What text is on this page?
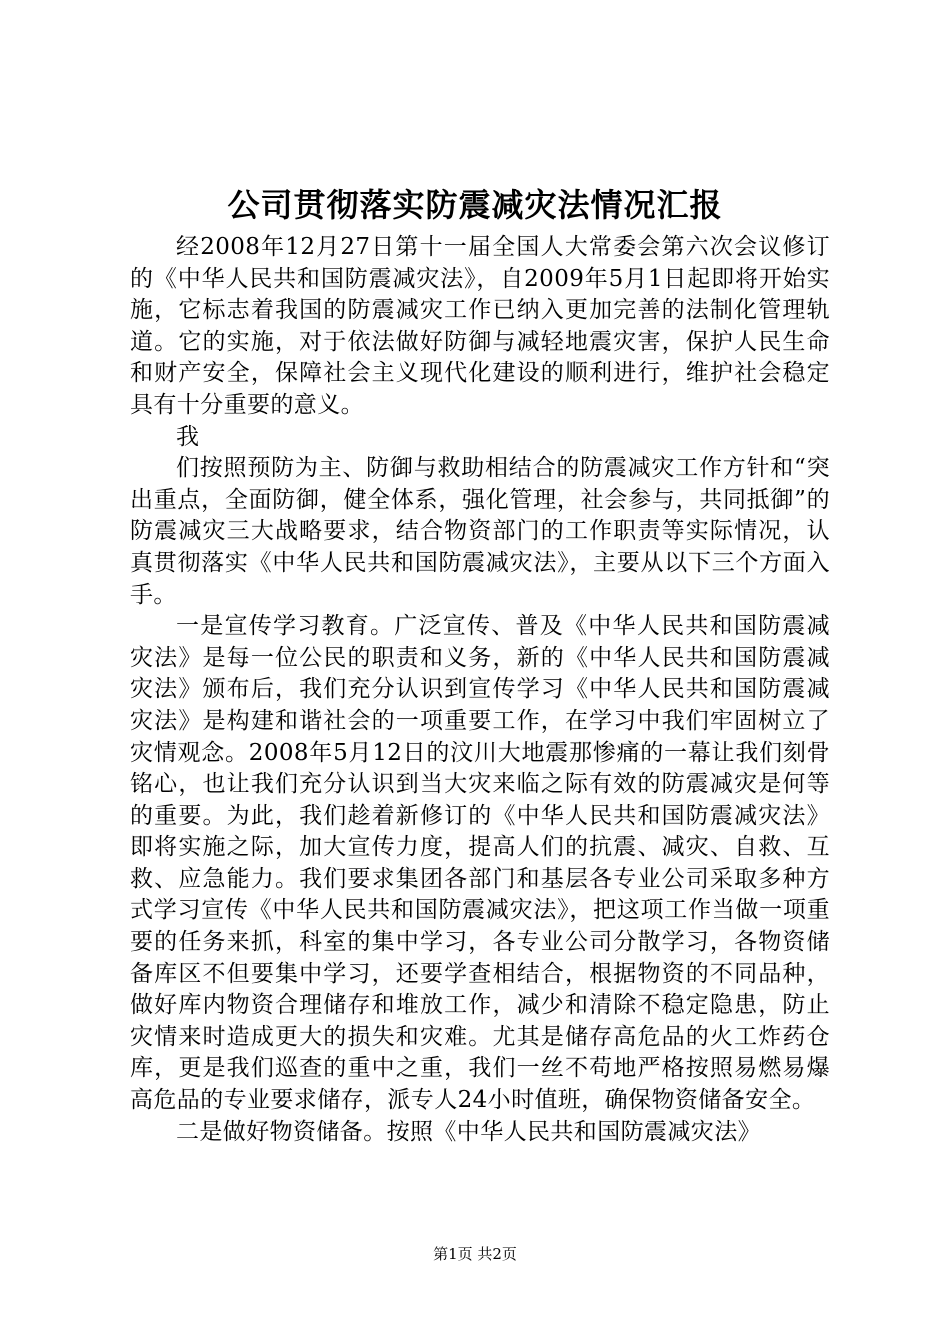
公司贯彻落实防震减灾法情况汇报

经2008年12月27日第十一届全国人大常委会第六次会议修订的《中华人民共和国防震减灾法》，自2009年5月1日起即将开始实施，它标志着我国的防震减灾工作已纳入更加完善的法制化管理轨道。它的实施，对于依法做好防御与减轻地震灾害，保护人民生命和财产安全，保障社会主义现代化建设的顺利进行，维护社会稳定具有十分重要的意义。

我

们按照预防为主、防御与救助相结合的防震减灾工作方针和“突出重点，全面防御，健全体系，强化管理，社会参与，共同抵御”的防震减灾三大战略要求，结合物资部门的工作职责等实际情况，认真贯彻落实《中华人民共和国防震减灾法》，主要从以下三个方面入手。

一是宣传学习教育。广泛宣传、普及《中华人民共和国防震减灾法》是每一位公民的职责和义务，新的《中华人民共和国防震减灾法》颁布后，我们充分认识到宣传学习《中华人民共和国防震减灾法》是构建和谐社会的一项重要工作，在学习中我们牢固树立了灾情观念。2008年5月12日的汶川大地震那惨痛的一幕让我们刻骨铭心，也让我们充分认识到当大灾来临之际有效的防震减灾是何等的重要。为此，我们趁着新修订的《中华人民共和国防震减灾法》即将实施之际，加大宣传力度，提高人们的抗震、减灾、自救、互救、应急能力。我们要求集团各部门和基层各专业公司采取多种方式学习宣传《中华人民共和国防震减灾法》，把这项工作当做一项重要的任务来抓，科室的集中学习，各专业公司分散学习，各物资储备库区不但要集中学习，还要学查相结合，根据物资的不同品种，做好库内物资合理储存和堆放工作，减少和清除不稳定隐患，防止灾情来时造成更大的损失和灾难。尤其是储存高危品的火工炸药仓库，更是我们巡查的重中之重，我们一丝不苟地严格按照易燃易爆高危品的专业要求储存，派专人24小时值班，确保物资储备安全。

二是做好物资储备。按照《中华人民共和国防震减灾法》

第1页 共2页
